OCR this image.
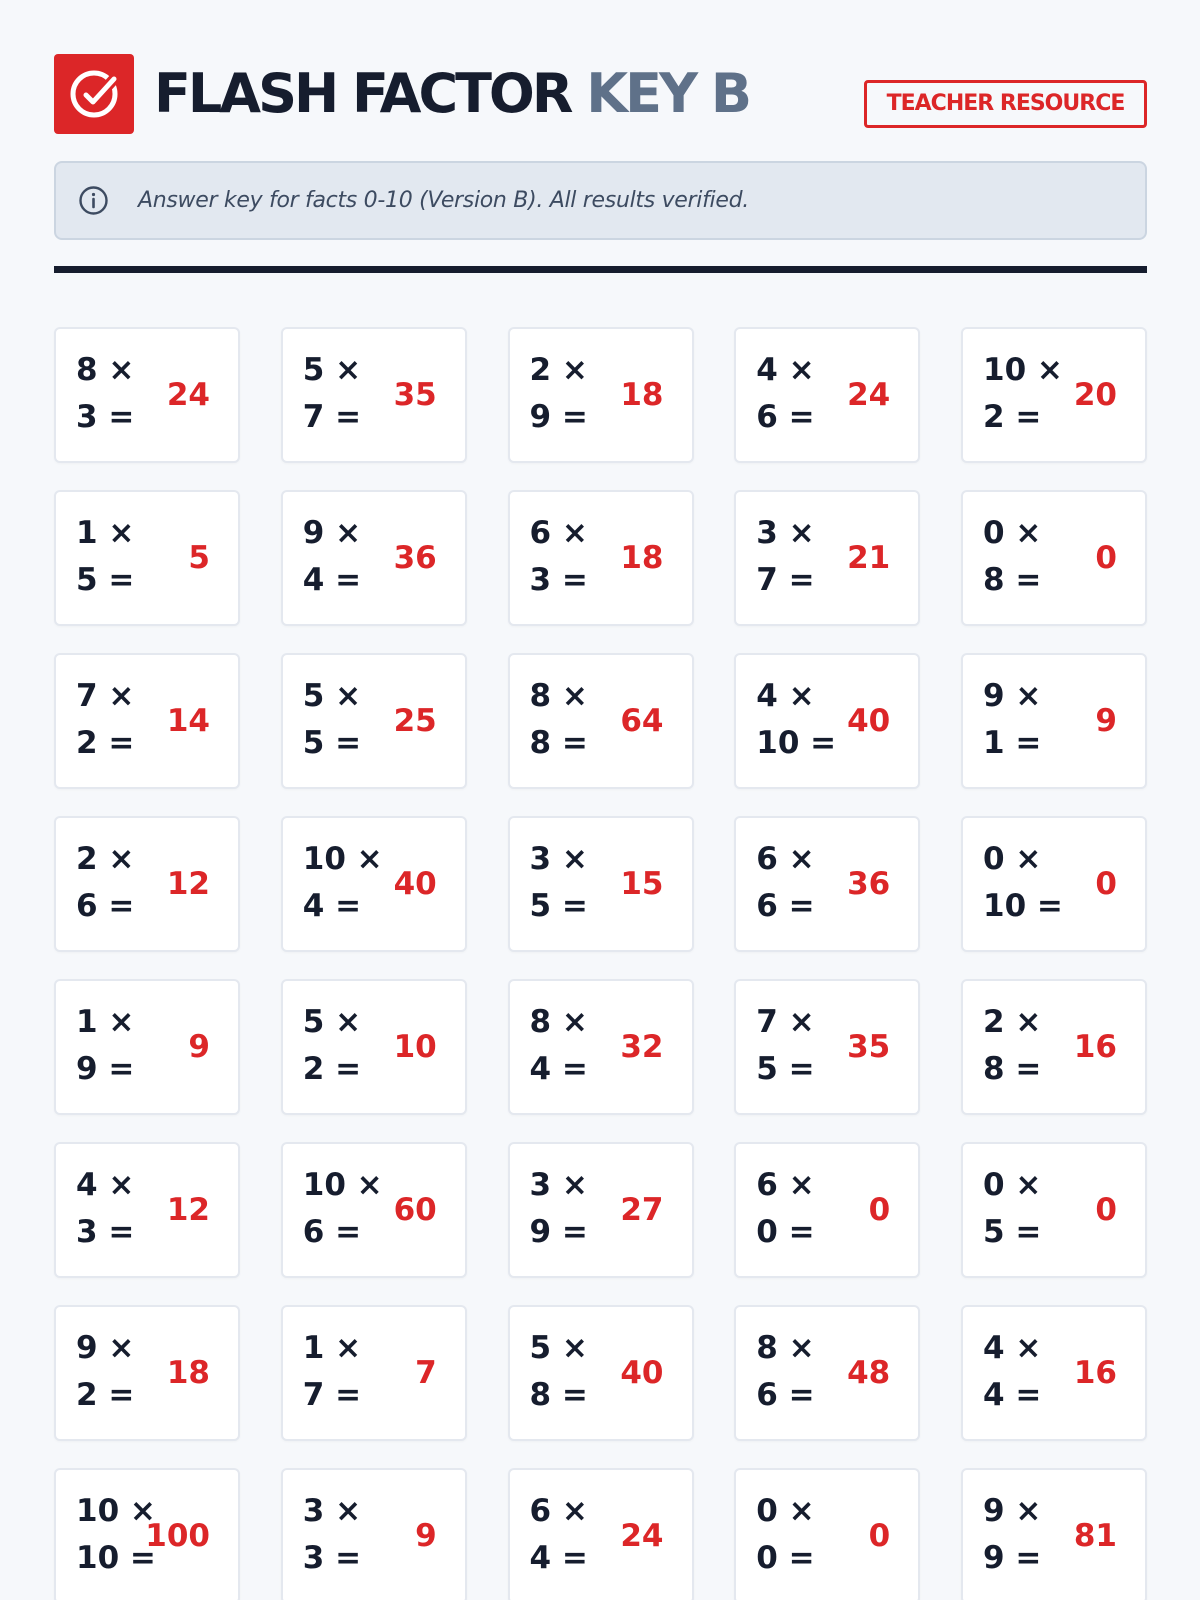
FLASH FACTOR KEY B	TEACHER RESOURCE
Answer key for facts 0-10 (Version B). All results verified.
8 × 3 =
24
5 × 7 =
35
2 × 9 =
18
4 × 6 =
24
10 × 2 =
20
1 × 5 =
5
9 × 4 =
36
6 × 3 =
18
3 × 7 =
21
0 × 8 =
0
7 × 2 =
14
5 × 5 =
25
8 × 8 =
64
4 × 10 =
40
9 × 1 =
9
2 × 6 =
12
10 × 4 =
40
3 × 5 =
15
6 × 6 =
36
0 × 10 =
0
1 × 9 =
9
5 × 2 =
10
8 × 4 =
32
7 × 5 =
35
2 × 8 =
16
4 × 3 =
12
10 × 6 =
60
3 × 9 =
27
6 × 0 =
0
0 × 5 =
0
9 × 2 =
18
1 × 7 =
7
5 × 8 =
40
8 × 6 =
48
4 × 4 =
16
10 × 10 =
100
3 × 3 =
9
6 × 4 =
24
0 × 0 =
0
9 × 9 =
81
